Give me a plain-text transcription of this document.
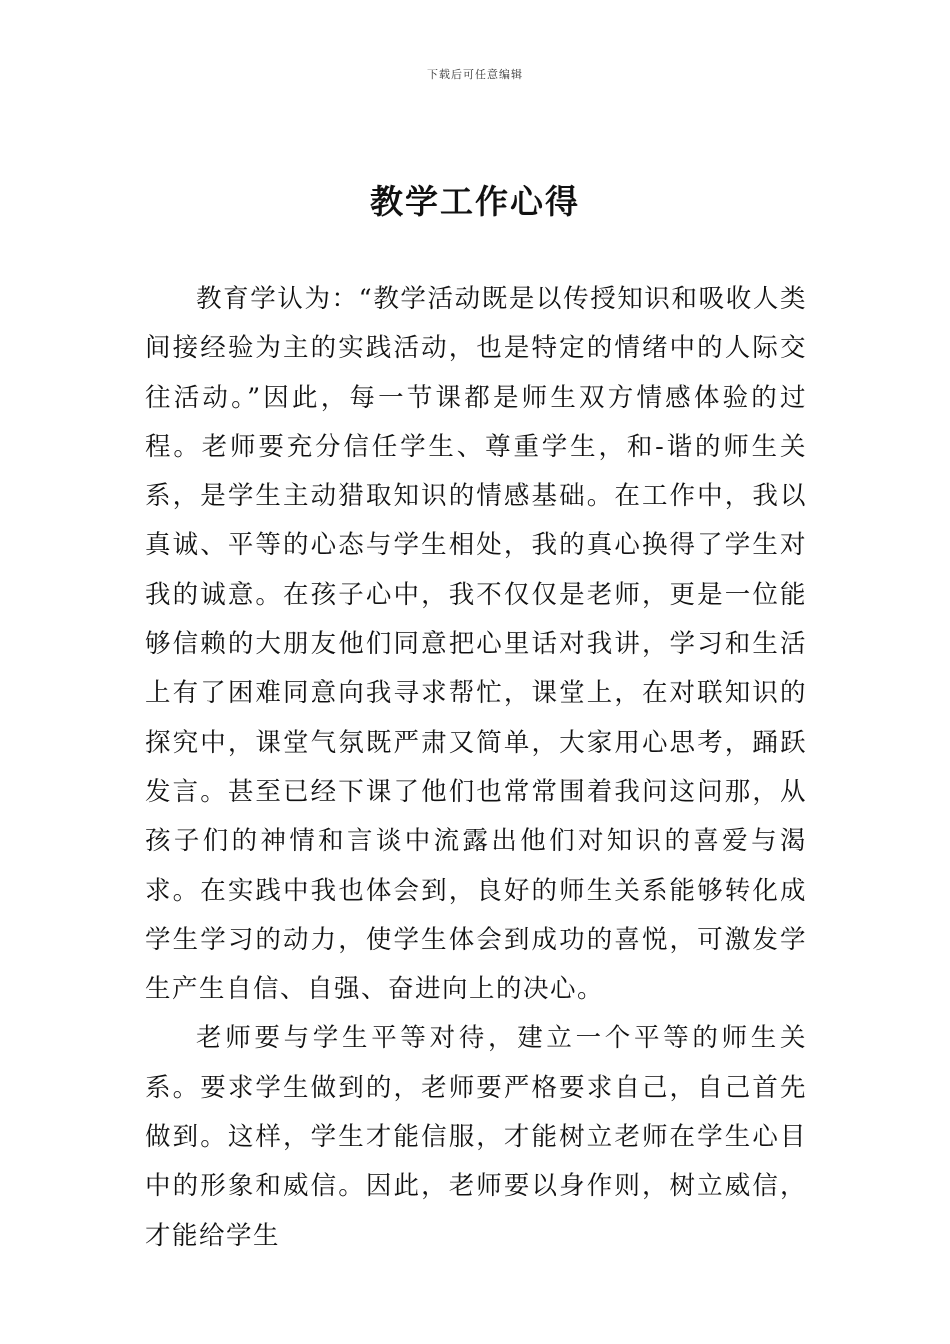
下载后可任意编辑
教学工作心得

教育学认为：“教学活动既是以传授知识和吸收人类间接经验为主的实践活动，也是特定的情绪中的人际交往活动。”因此，每一节课都是师生双方情感体验的过程。老师要充分信任学生、尊重学生，和-谐的师生关系，是学生主动猎取知识的情感基础。在工作中，我以真诚、平等的心态与学生相处，我的真心换得了学生对我的诚意。在孩子心中，我不仅仅是老师，更是一位能够信赖的大朋友他们同意把心里话对我讲，学习和生活上有了困难同意向我寻求帮忙，课堂上，在对联知识的探究中，课堂气氛既严肃又简单，大家用心思考，踊跃发言。甚至已经下课了他们也常常围着我问这问那，从孩子们的神情和言谈中流露出他们对知识的喜爱与渴求。在实践中我也体会到，良好的师生关系能够转化成学生学习的动力，使学生体会到成功的喜悦，可激发学生产生自信、自强、奋进向上的决心。

老师要与学生平等对待，建立一个平等的师生关系。要求学生做到的，老师要严格要求自己，自己首先做到。这样，学生才能信服，才能树立老师在学生心目中的形象和威信。因此，老师要以身作则，树立威信，才能给学生
